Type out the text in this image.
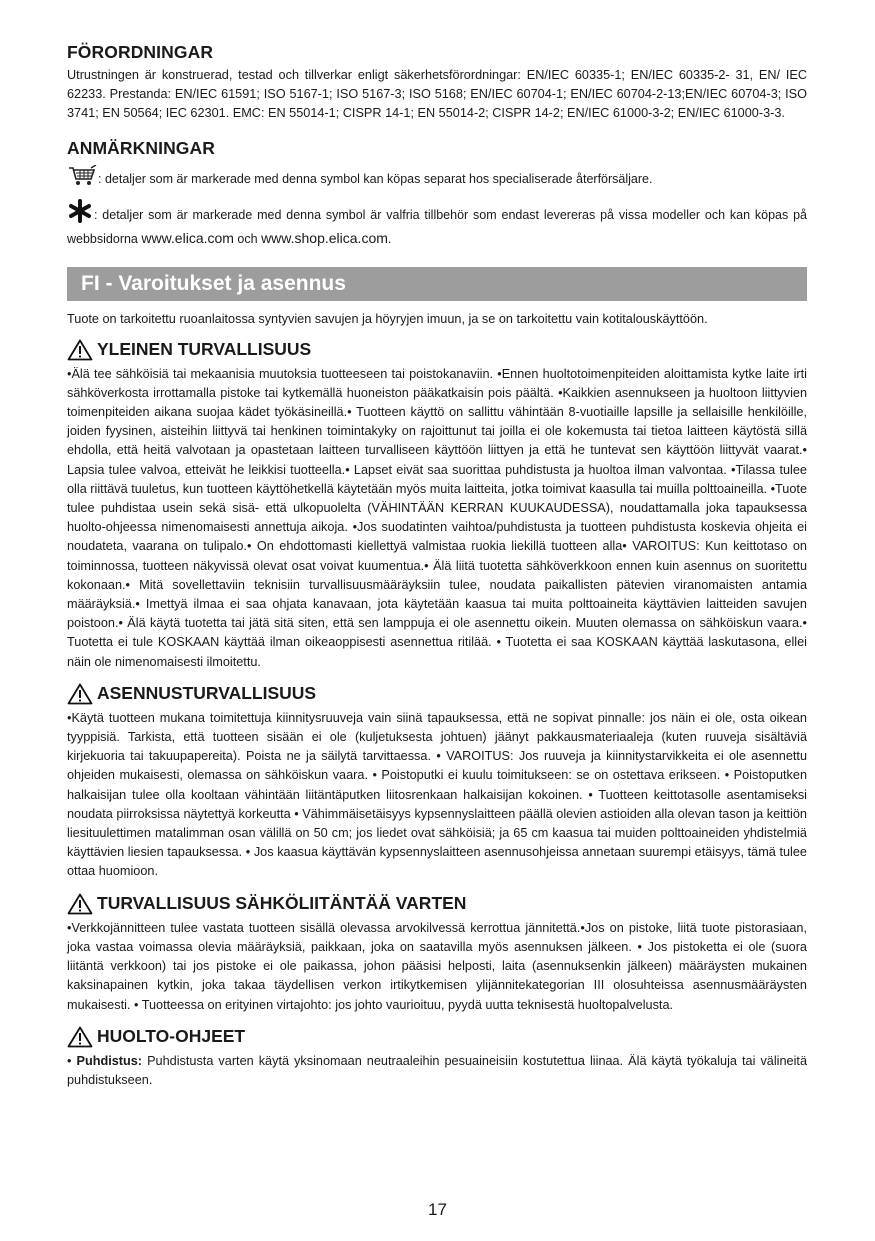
FÖRORDNINGAR

Utrustningen är konstruerad, testad och tillverkar enligt säkerhetsförordningar: EN/IEC 60335-1; EN/IEC 60335-2- 31, EN/ IEC 62233. Prestanda: EN/IEC 61591; ISO 5167-1; ISO 5167-3; ISO 5168; EN/IEC 60704-1; EN/IEC 60704-2-13;EN/IEC 60704-3; ISO 3741; EN 50564; IEC 62301. EMC: EN 55014-1; CISPR 14-1; EN 55014-2; CISPR 14-2; EN/IEC 61000-3-2; EN/IEC 61000-3-3.

ANMÄRKNINGAR
: detaljer som är markerade med denna symbol kan köpas separat hos specialiserade återförsäljare.
: detaljer som är markerade med denna symbol är valfria tillbehör som endast levereras på vissa modeller och kan köpas på webbsidorna www.elica.com och www.shop.elica.com.
FI - Varoitukset ja asennus
Tuote on tarkoitettu ruoanlaitossa syntyvien savujen ja höyryjen imuun, ja se on tarkoitettu vain kotitalouskäyttöön.
YLEINEN TURVALLISUUS

•Älä tee sähköisiä tai mekaanisia muutoksia tuotteeseen tai poistokanaviin. •Ennen huoltotoimenpiteiden aloittamista kytke laite irti sähköverkosta irrottamalla pistoke tai kytkemällä huoneiston pääkatkaisin pois päältä. •Kaikkien asennukseen ja huoltoon liittyvien toimenpiteiden aikana suojaa kädet työkäsineillä.• Tuotteen käyttö on sallittu vähintään 8-vuotiaille lapsille ja sellaisille henkilöille, joiden fyysinen, aisteihin liittyvä tai henkinen toimintakyky on rajoittunut tai joilla ei ole kokemusta tai tietoa laitteen käytöstä sillä ehdolla, että heitä valvotaan ja opastetaan laitteen turvalliseen käyttöön liittyen ja että he tuntevat sen käyttöön liittyvät vaarat.• Lapsia tulee valvoa, etteivät he leikkisi tuotteella.• Lapset eivät saa suorittaa puhdistusta ja huoltoa ilman valvontaa. •Tilassa tulee olla riittävä tuuletus, kun tuotteen käyttöhetkellä käytetään myös muita laitteita, jotka toimivat kaasulla tai muilla polttoaineilla. •Tuote tulee puhdistaa usein sekä sisä- että ulkopuolelta (VÄHINTÄÄN KERRAN KUUKAUDESSA), noudattamalla joka tapauksessa huolto-ohjeessa nimenomaisesti annettuja aikoja. •Jos suodatinten vaihtoa/puhdistusta ja tuotteen puhdistusta koskevia ohjeita ei noudateta, vaarana on tulipalo.• On ehdottomasti kiellettyä valmistaa ruokia liekillä tuotteen alla• VAROITUS: Kun keittotaso on toiminnossa, tuotteen näkyvissä olevat osat voivat kuumentua.• Älä liitä tuotetta sähköverkkoon ennen kuin asennus on suoritettu kokonaan.• Mitä sovellettaviin teknisiin turvallisuusmääräyksiin tulee, noudata paikallisten pätevien viranomaisten antamia määräyksiä.• Imettyä ilmaa ei saa ohjata kanavaan, jota käytetään kaasua tai muita polttoaineita käyttävien laitteiden savujen poistoon.• Älä käytä tuotetta tai jätä sitä siten, että sen lamppuja ei ole asennettu oikein. Muuten olemassa on sähköiskun vaara.• Tuotetta ei tule KOSKAAN käyttää ilman oikeaoppisesti asennettua ritilää. • Tuotetta ei saa KOSKAAN käyttää laskutasona, ellei näin ole nimenomaisesti ilmoitettu.

ASENNUSTURVALLISUUS

•Käytä tuotteen mukana toimitettuja kiinnitysruuveja vain siinä tapauksessa, että ne sopivat pinnalle: jos näin ei ole, osta oikean tyyppisiä. Tarkista, että tuotteen sisään ei ole (kuljetuksesta johtuen) jäänyt pakkausmateriaaleja (kuten ruuveja sisältäviä kirjekuoria tai takuupapereita). Poista ne ja säilytä tarvittaessa. • VAROITUS: Jos ruuveja ja kiinnitystarvikkeita ei ole asennettu ohjeiden mukaisesti, olemassa on sähköiskun vaara. • Poistoputki ei kuulu toimitukseen: se on ostettava erikseen. • Poistoputken halkaisijan tulee olla kooltaan vähintään liitäntäputken liitosrenkaan halkaisijan kokoinen. • Tuotteen keittotasolle asentamiseksi noudata piirroksissa näytettyä korkeutta • Vähimmäisetäisyys kypsennyslaitteen päällä olevien astioiden alla olevan tason ja keittiön liesituulettimen matalimman osan välillä on 50 cm; jos liedet ovat sähköisiä; ja 65 cm kaasua tai muiden polttoaineiden yhdistelmiä käyttävien liesien tapauksessa. • Jos kaasua käyttävän kypsennyslaitteen asennusohjeissa annetaan suurempi etäisyys, tämä tulee ottaa huomioon.

TURVALLISUUS SÄHKÖLIITÄNTÄÄ VARTEN

•Verkkojännitteen tulee vastata tuotteen sisällä olevassa arvokilvessä kerrottua jännitettä.•Jos on pistoke, liitä tuote pistorasiaan, joka vastaa voimassa olevia määräyksiä, paikkaan, joka on saatavilla myös asennuksen jälkeen. • Jos pistoketta ei ole (suora liitäntä verkkoon) tai jos pistoke ei ole paikassa, johon pääsisi helposti, laita (asennuksenkin jälkeen) määräysten mukainen kaksinapainen kytkin, joka takaa täydellisen verkon irtikytkemisen ylijännitekategorian III olosuhteissa asennusmääräysten mukaisesti. • Tuotteessa on erityinen virtajohto: jos johto vaurioituu, pyydä uutta teknisestä huoltopalvelusta.

HUOLTO-OHJEET

• Puhdistus: Puhdistusta varten käytä yksinomaan neutraaleihin pesuaineisiin kostutettua liinaa. Älä käytä työkaluja tai välineitä puhdistukseen.

17
